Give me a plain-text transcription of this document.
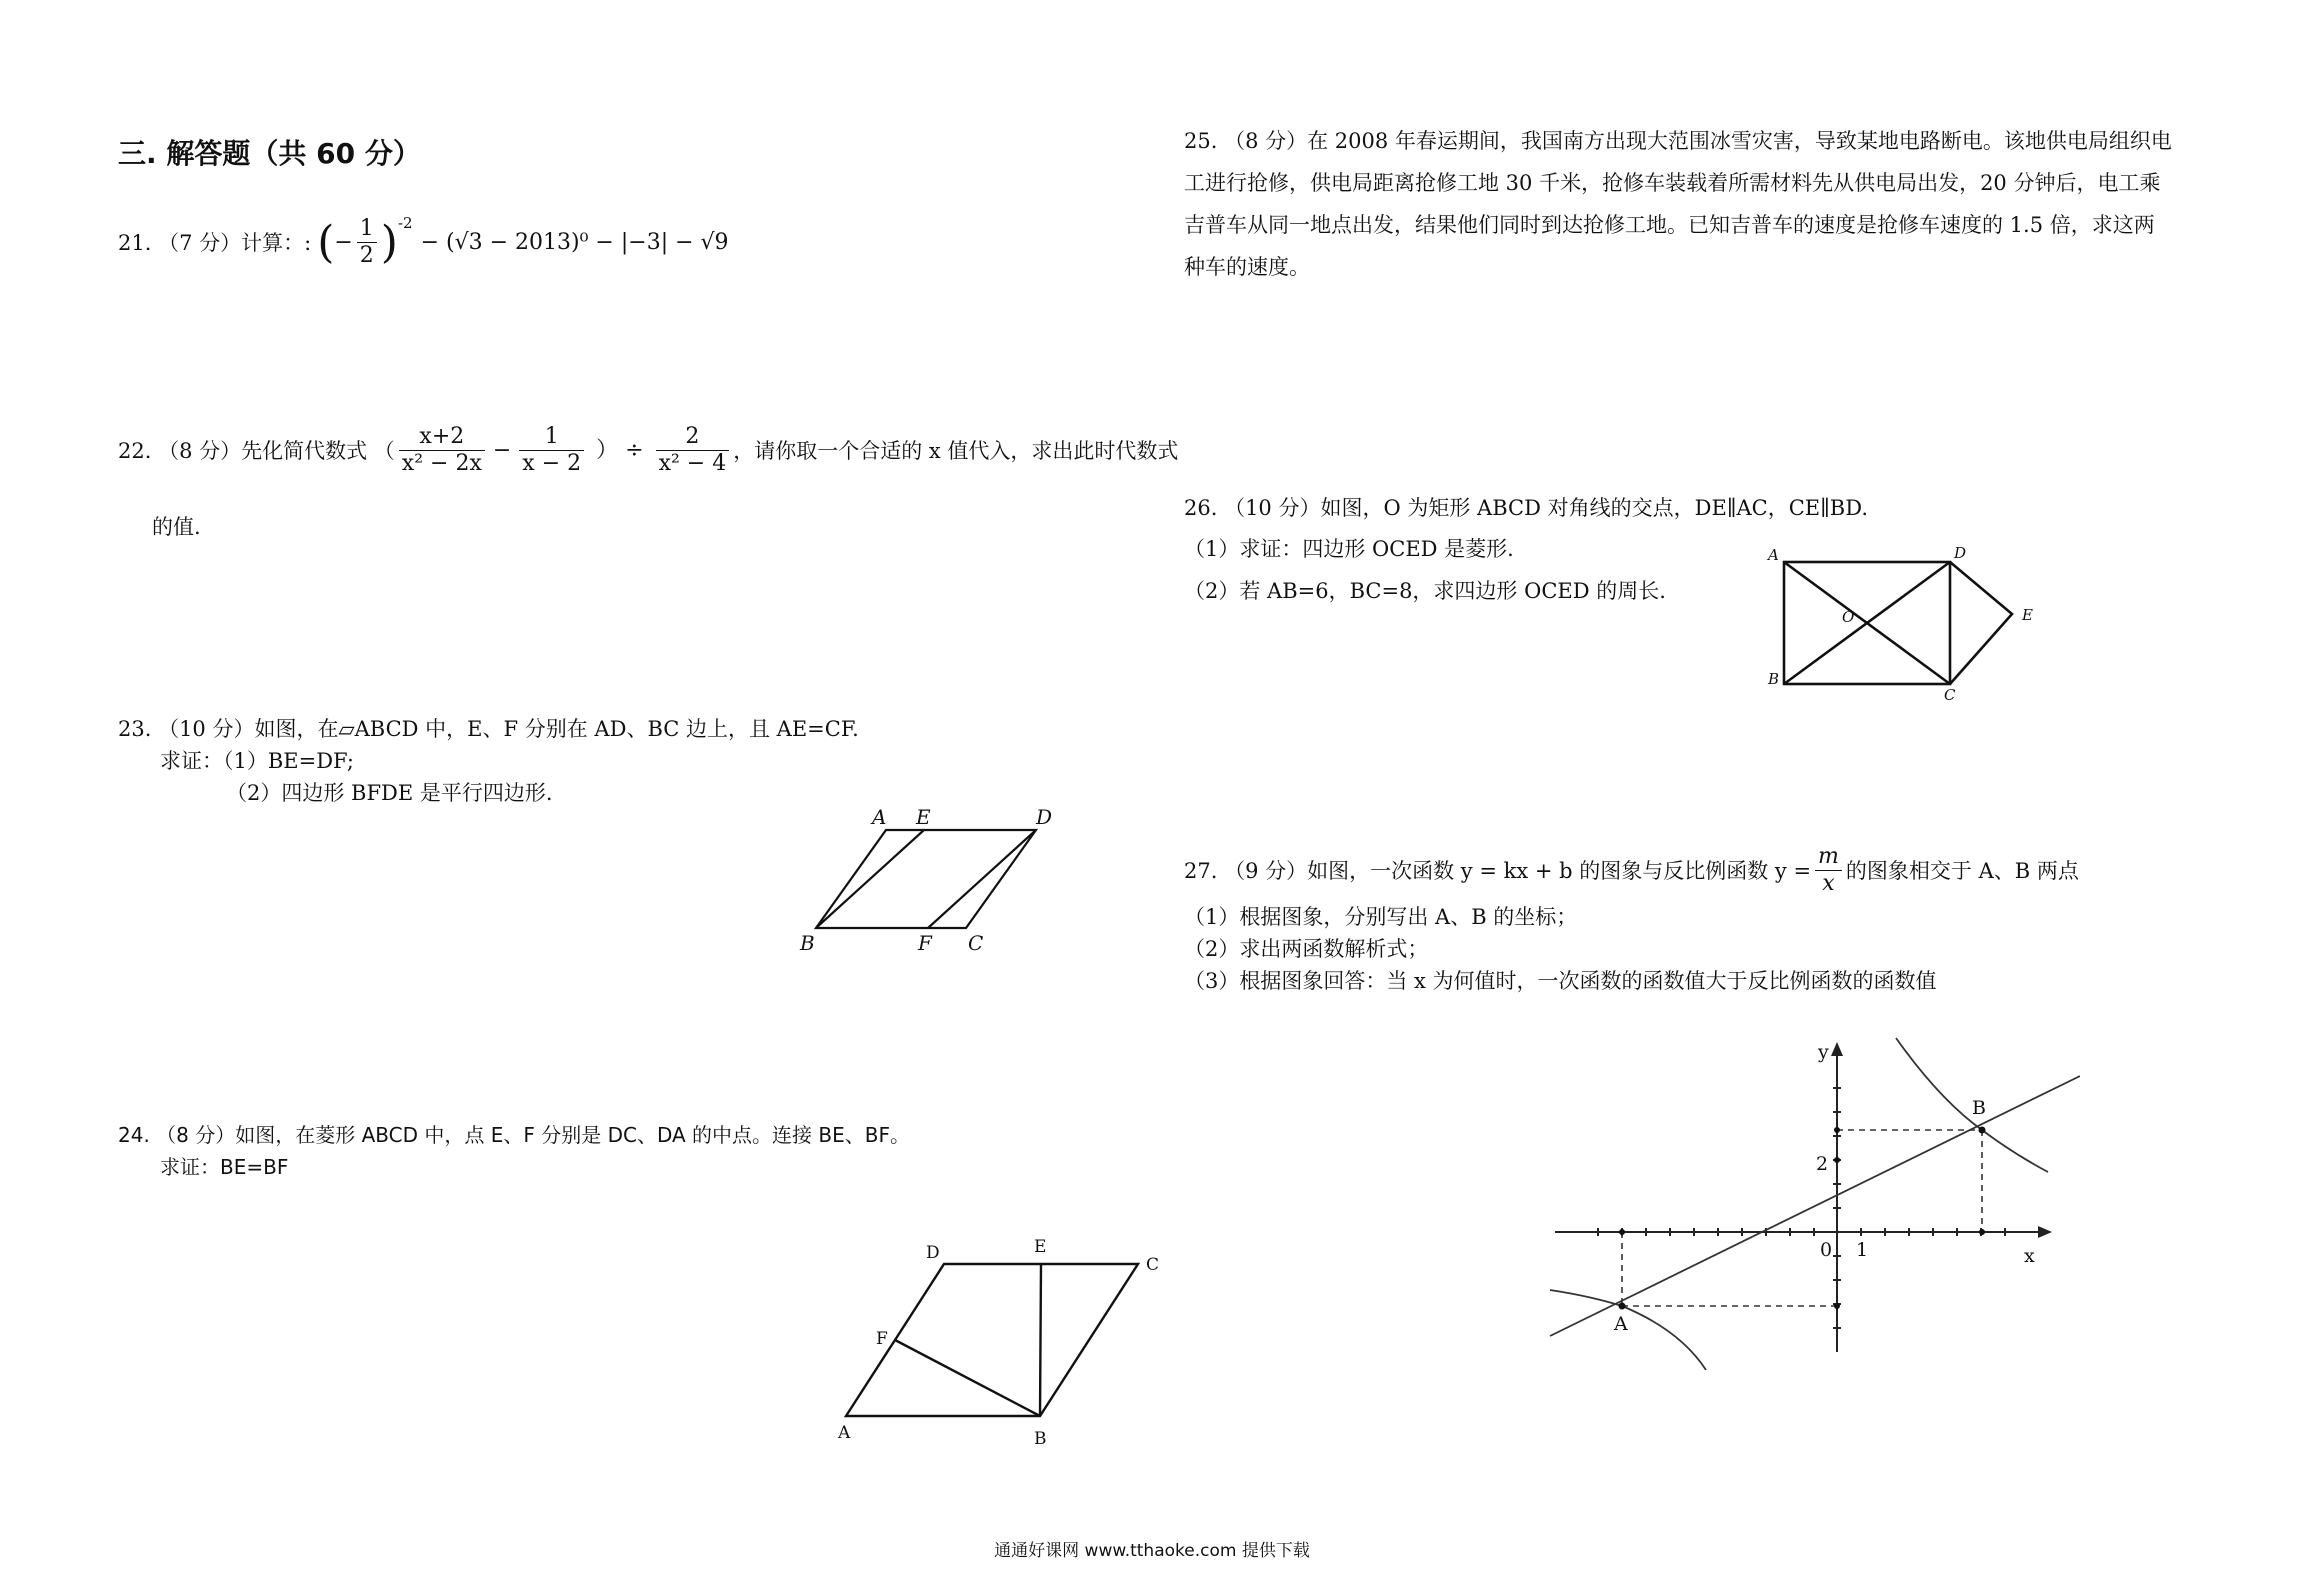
三. 解答题（共 60 分）
21. （7 分）计算：: ( − $\frac{1}{2} )^{-2}$
− (√3 − 2013)⁰ − |−3| − √9
22. （8 分）先化简代数式 （ $\frac{x+2}{\text{x² − 2x}} - \frac{1}{x - 2}$ ） ÷ $\frac{2}{\text{x² − 4}}$ ，请你取一个合适的 x 值代入，求出此时代数式
的值.
23. （10 分）如图，在▱ABCD 中，E、F 分别在 AD、BC 边上，且 AE=CF.
求证：（1）BE=DF;
（2）四边形 BFDE 是平行四边形.
A E	D
B	F C
24. （8 分）如图，在菱形 ABCD 中，点 E、F 分别是 DC、DA 的中点。连接 BE、BF。
求证：BE=BF
D	E
C
F
A	B
25. （8 分）在 2008 年春运期间，我国南方出现大范围冰雪灾害，导致某地电路断电。该地供电局组织电
工进行抢修，供电局距离抢修工地 30 千米，抢修车装载着所需材料先从供电局出发，20 分钟后，电工乘
吉普车从同一地点出发，结果他们同时到达抢修工地。已知吉普车的速度是抢修车速度的 1.5 倍，求这两
种车的速度。
26. （10 分）如图，O 为矩形 ABCD 对角线的交点，DE∥AC，CE∥BD.
（1）求证：四边形 OCED 是菱形.
（2）若 AB=6，BC=8，求四边形 OCED 的周长.
A	D
O	E
B
C
27. （9 分）如图，一次函数 y = kx + b 的图象与反比例函数 $y = \frac{m}{x}$ 的图象相交于 A、B 两点
（1）根据图象，分别写出 A、B 的坐标；
（2）求出两函数解析式；
（3）根据图象回答：当 x 为何值时，一次函数的函数值大于反比例函数的函数值
y
x
0 1
2
B
A
通通好课网 www.tthaoke.com 提供下载
